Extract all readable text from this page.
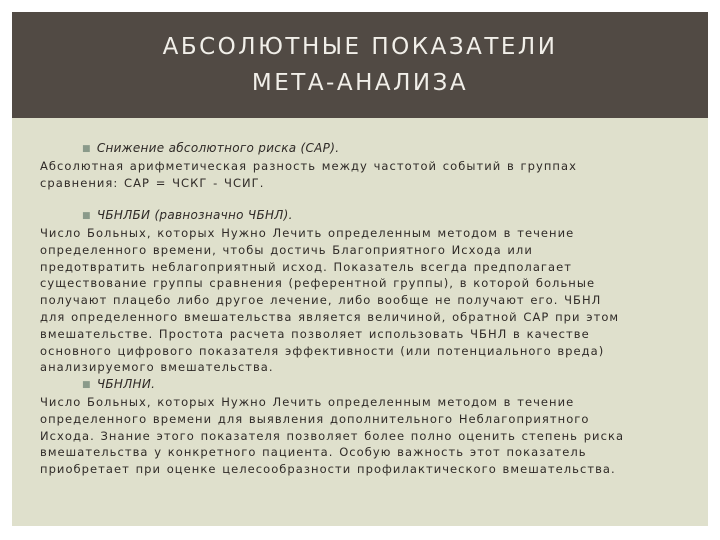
АБСОЛЮТНЫЕ ПОКАЗАТЕЛИ
МЕТА-АНАЛИЗА
■ Снижение абсолютного риска (САР).
Абсолютная арифметическая разность между частотой событий в группах
сравнения: САР = ЧСКГ - ЧСИГ.
■ ЧБНЛБИ (равнозначно ЧБНЛ).
Число Больных, которых Нужно Лечить определенным методом в течение
определенного времени, чтобы достичь Благоприятного Исхода или
предотвратить неблагоприятный исход. Показатель всегда предполагает
существование группы сравнения (референтной группы), в которой больные
получают плацебо либо другое лечение, либо вообще не получают его. ЧБНЛ
для определенного вмешательства является величиной, обратной САР при этом
вмешательстве. Простота расчета позволяет использовать ЧБНЛ в качестве
основного цифрового показателя эффективности (или потенциального вреда)
анализируемого вмешательства.
■ ЧБНЛНИ.
Число Больных, которых Нужно Лечить определенным методом в течение
определенного времени для выявления дополнительного Неблагоприятного
Исхода. Знание этого показателя позволяет более полно оценить степень риска
вмешательства у конкретного пациента. Особую важность этот показатель
приобретает при оценке целесообразности профилактического вмешательства.
